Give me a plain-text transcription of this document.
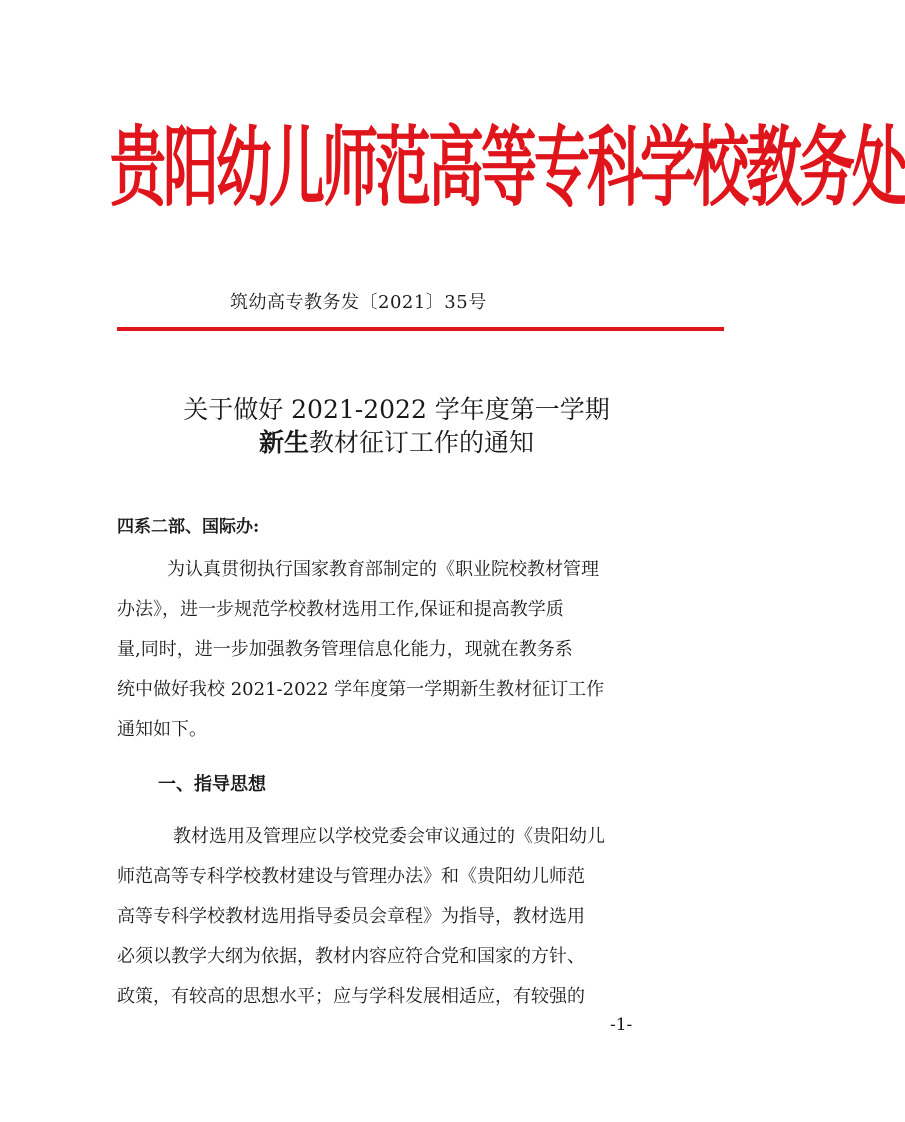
贵阳幼儿师范高等专科学校教务处
筑幼高专教务发〔2021〕35号
关于做好 2021-2022 学年度第一学期
新生教材征订工作的通知
四系二部、国际办:
为认真贯彻执行国家教育部制定的《职业院校教材管理
办法》，进一步规范学校教材选用工作,保证和提高教学质
量,同时，进一步加强教务管理信息化能力，现就在教务系
统中做好我校 2021-2022 学年度第一学期新生教材征订工作
通知如下。
一、指导思想
教材选用及管理应以学校党委会审议通过的《贵阳幼儿
师范高等专科学校教材建设与管理办法》和《贵阳幼儿师范
高等专科学校教材选用指导委员会章程》为指导，教材选用
必须以教学大纲为依据，教材内容应符合党和国家的方针、
政策，有较高的思想水平；应与学科发展相适应，有较强的
-1-
